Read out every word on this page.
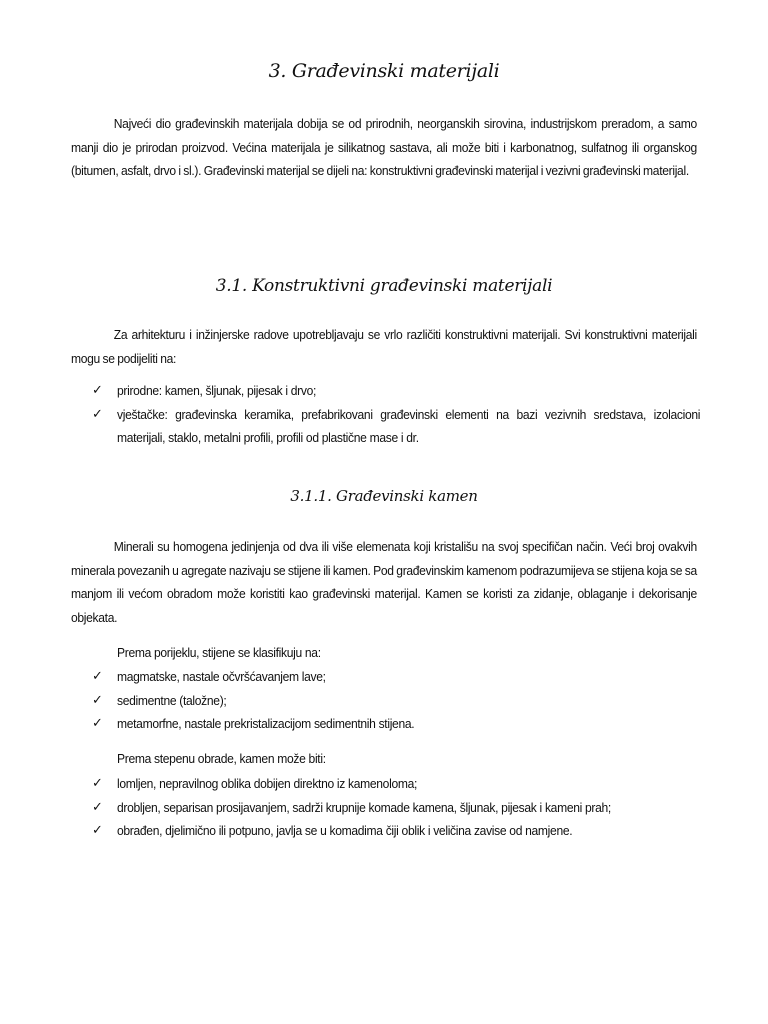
3. Građevinski materijali

Najveći dio građevinskih materijala dobija se od prirodnih, neorganskih sirovina, industrijskom preradom, a samo manji dio je prirodan proizvod. Većina materijala je silikatnog sastava, ali može biti i karbonatnog, sulfatnog ili organskog (bitumen, asfalt, drvo i sl.). Građevinski materijal se dijeli na: konstruktivni građevinski materijal i vezivni građevinski materijal.

3.1. Konstruktivni građevinski materijali

Za arhitekturu i inžinjerske radove upotrebljavaju se vrlo različiti konstruktivni materijali. Svi konstruktivni materijali mogu se podijeliti na:

✓ prirodne: kamen, šljunak, pijesak i drvo;
✓ vještačke: građevinska keramika, prefabrikovani građevinski elementi na bazi vezivnih sredstava, izolacioni materijali, staklo, metalni profili, profili od plastične mase i dr.
3.1.1. Građevinski kamen

Minerali su homogena jedinjenja od dva ili više elemenata koji kristališu na svoj specifičan način. Veći broj ovakvih minerala povezanih u agregate nazivaju se stijene ili kamen. Pod građevinskim kamenom podrazumijeva se stijena koja se sa manjom ili većom obradom može koristiti kao građevinski materijal. Kamen se koristi za zidanje, oblaganje i dekorisanje objekata.

Prema porijeklu, stijene se klasifikuju na:

✓ magmatske, nastale očvršćavanjem lave;
✓ sedimentne (taložne);
✓ metamorfne, nastale prekristalizacijom sedimentnih stijena.

Prema stepenu obrade, kamen može biti:

✓ lomljen, nepravilnog oblika dobijen direktno iz kamenoloma;
✓ drobljen, separisan prosijavanjem, sadrži krupnije komade kamena, šljunak, pijesak i kameni prah;
✓ obrađen, djelimično ili potpuno, javlja se u komadima čiji oblik i veličina zavise od namjene.
